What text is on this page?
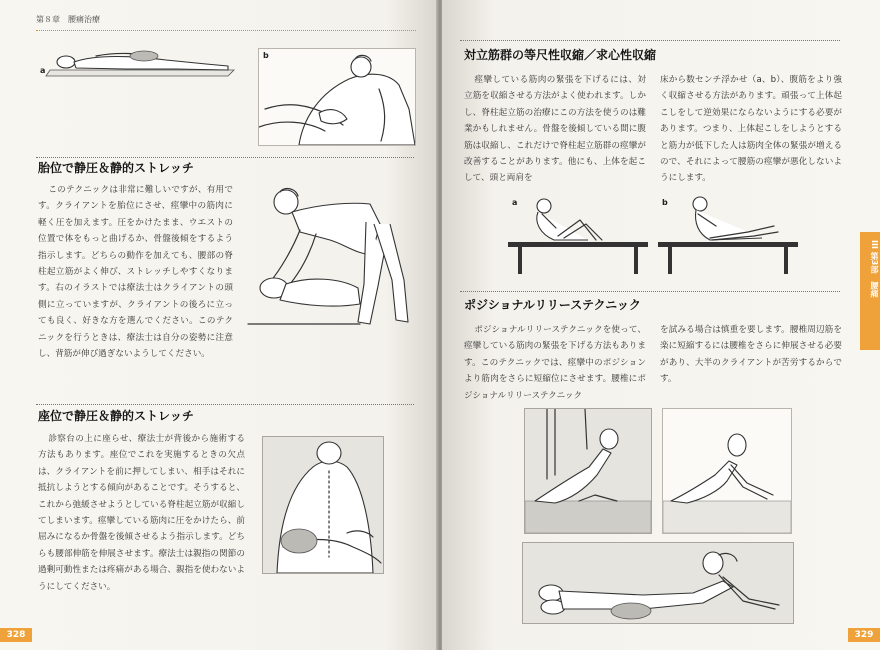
第８章　腰痛治療
a
b
胎位で静圧＆静的ストレッチ

このテクニックは非常に難しいですが、有用です。クライアントを胎位にさせ、痙攣中の筋肉に軽く圧を加えます。圧をかけたまま、ウエストの位置で体をもっと曲げるか、骨盤後傾をするよう指示します。どちらの動作を加えても、腰部の脊柱起立筋がよく伸び、ストレッチしやすくなります。右のイラストでは療法士はクライアントの頭側に立っていますが、クライアントの後ろに立っても良く、好きな方を選んでください。このテクニックを行うときは、療法士は自分の姿勢に注意し、背筋が伸び過ぎないようしてください。

座位で静圧＆静的ストレッチ

診察台の上に座らせ、療法士が背後から施術する方法もあります。座位でこれを実施するときの欠点は、クライアントを前に押してしまい、相手はそれに抵抗しようとする傾向があることです。そうすると、これから弛緩させようとしている脊柱起立筋が収縮してしまいます。痙攣している筋肉に圧をかけたら、前屈みになるか骨盤を後傾させるよう指示します。どちらも腰部伸筋を伸展させます。療法士は親指の関節の過剰可動性または疼痛がある場合、親指を使わないようにしてください。

328
対立筋群の等尺性収縮／求心性収縮

痙攣している筋肉の緊張を下げるには、対立筋を収縮させる方法がよく使われます。しかし、脊柱起立筋の治療にこの方法を使うのは難業かもしれません。骨盤を後傾している間に腹筋は収縮し、これだけで脊柱起立筋群の痙攣が改善することがあります。他にも、上体を起こして、頭と両肩を

床から数センチ浮かせ（a、b）、腹筋をより強く収縮させる方法があります。頑張って上体起こしをして逆効果にならないようにする必要があります。つまり、上体起こしをしようとすると筋力が低下した人は筋肉全体の緊張が増えるので、それによって腰筋の痙攣が悪化しないようにします。

a	b
ポジショナルリリーステクニック

ポジショナルリリーステクニックを使って、痙攣している筋肉の緊張を下げる方法もあります。このテクニックでは、痙攣中のポジションより筋肉をさらに短縮位にさせます。腰椎にポジショナルリリーステクニック

を試みる場合は慎重を要します。腰椎周辺筋を楽に短縮するには腰椎をさらに伸展させる必要があり、大半のクライアントが苦労するからです。

III 第3部　腰痛
329
